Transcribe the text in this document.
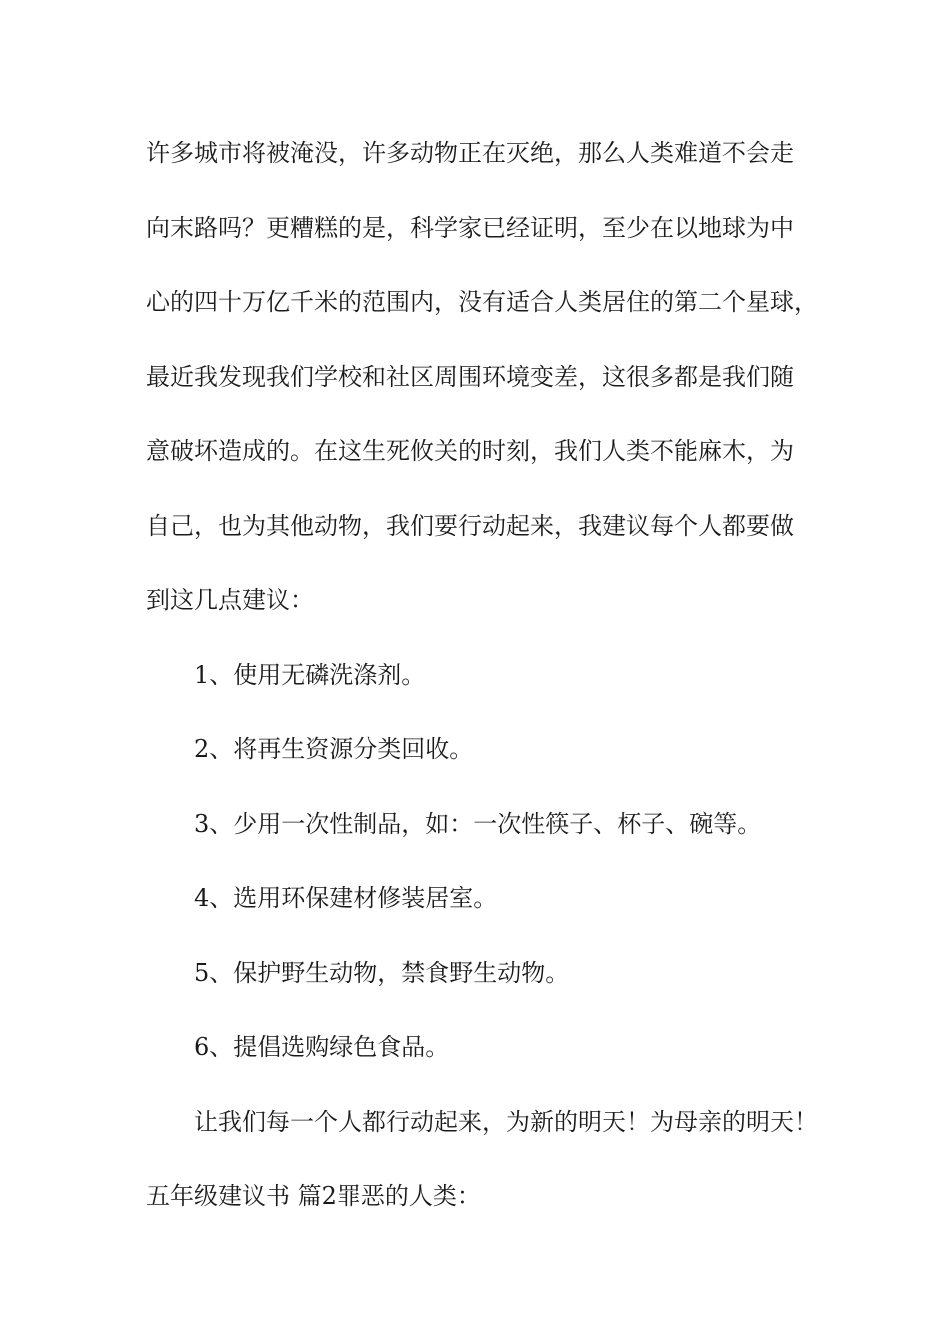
许多城市将被淹没，许多动物正在灭绝，那么人类难道不会走
向末路吗？更糟糕的是，科学家已经证明，至少在以地球为中
心的四十万亿千米的范围内，没有适合人类居住的第二个星球，
最近我发现我们学校和社区周围环境变差，这很多都是我们随
意破坏造成的。在这生死攸关的时刻，我们人类不能麻木，为
自己，也为其他动物，我们要行动起来，我建议每个人都要做
到这几点建议：
1、使用无磷洗涤剂。
2、将再生资源分类回收。
3、少用一次性制品，如：一次性筷子、杯子、碗等。
4、选用环保建材修装居室。
5、保护野生动物，禁食野生动物。
6、提倡选购绿色食品。
让我们每一个人都行动起来，为新的明天！为母亲的明天！
五年级建议书 篇2罪恶的人类：
